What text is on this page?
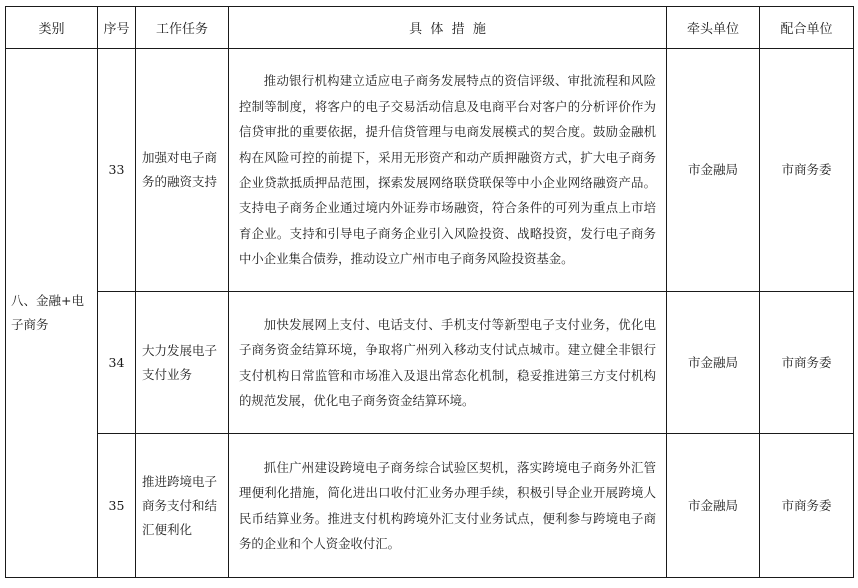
类别	序号	工作任务	具  体  措  施	牵头单位	配合单位
八、金融+电子商务	33	加强对电子商务的融资支持	推动银行机构建立适应电子商务发展特点的资信评级、审批流程和风险控制等制度，将客户的电子交易活动信息及电商平台对客户的分析评价作为信贷审批的重要依据，提升信贷管理与电商发展模式的契合度。鼓励金融机构在风险可控的前提下，采用无形资产和动产质押融资方式，扩大电子商务企业贷款抵质押品范围，探索发展网络联贷联保等中小企业网络融资产品。支持电子商务企业通过境内外证券市场融资，符合条件的可列为重点上市培育企业。支持和引导电子商务企业引入风险投资、战略投资，发行电子商务中小企业集合债券，推动设立广州市电子商务风险投资基金。	市金融局	市商务委
	34	大力发展电子支付业务	加快发展网上支付、电话支付、手机支付等新型电子支付业务，优化电子商务资金结算环境，争取将广州列入移动支付试点城市。建立健全非银行支付机构日常监管和市场准入及退出常态化机制，稳妥推进第三方支付机构的规范发展，优化电子商务资金结算环境。	市金融局	市商务委
	35	推进跨境电子商务支付和结汇便利化	抓住广州建设跨境电子商务综合试验区契机，落实跨境电子商务外汇管理便利化措施，简化进出口收付汇业务办理手续，积极引导企业开展跨境人民币结算业务。推进支付机构跨境外汇支付业务试点，便利参与跨境电子商务的企业和个人资金收付汇。	市金融局	市商务委
